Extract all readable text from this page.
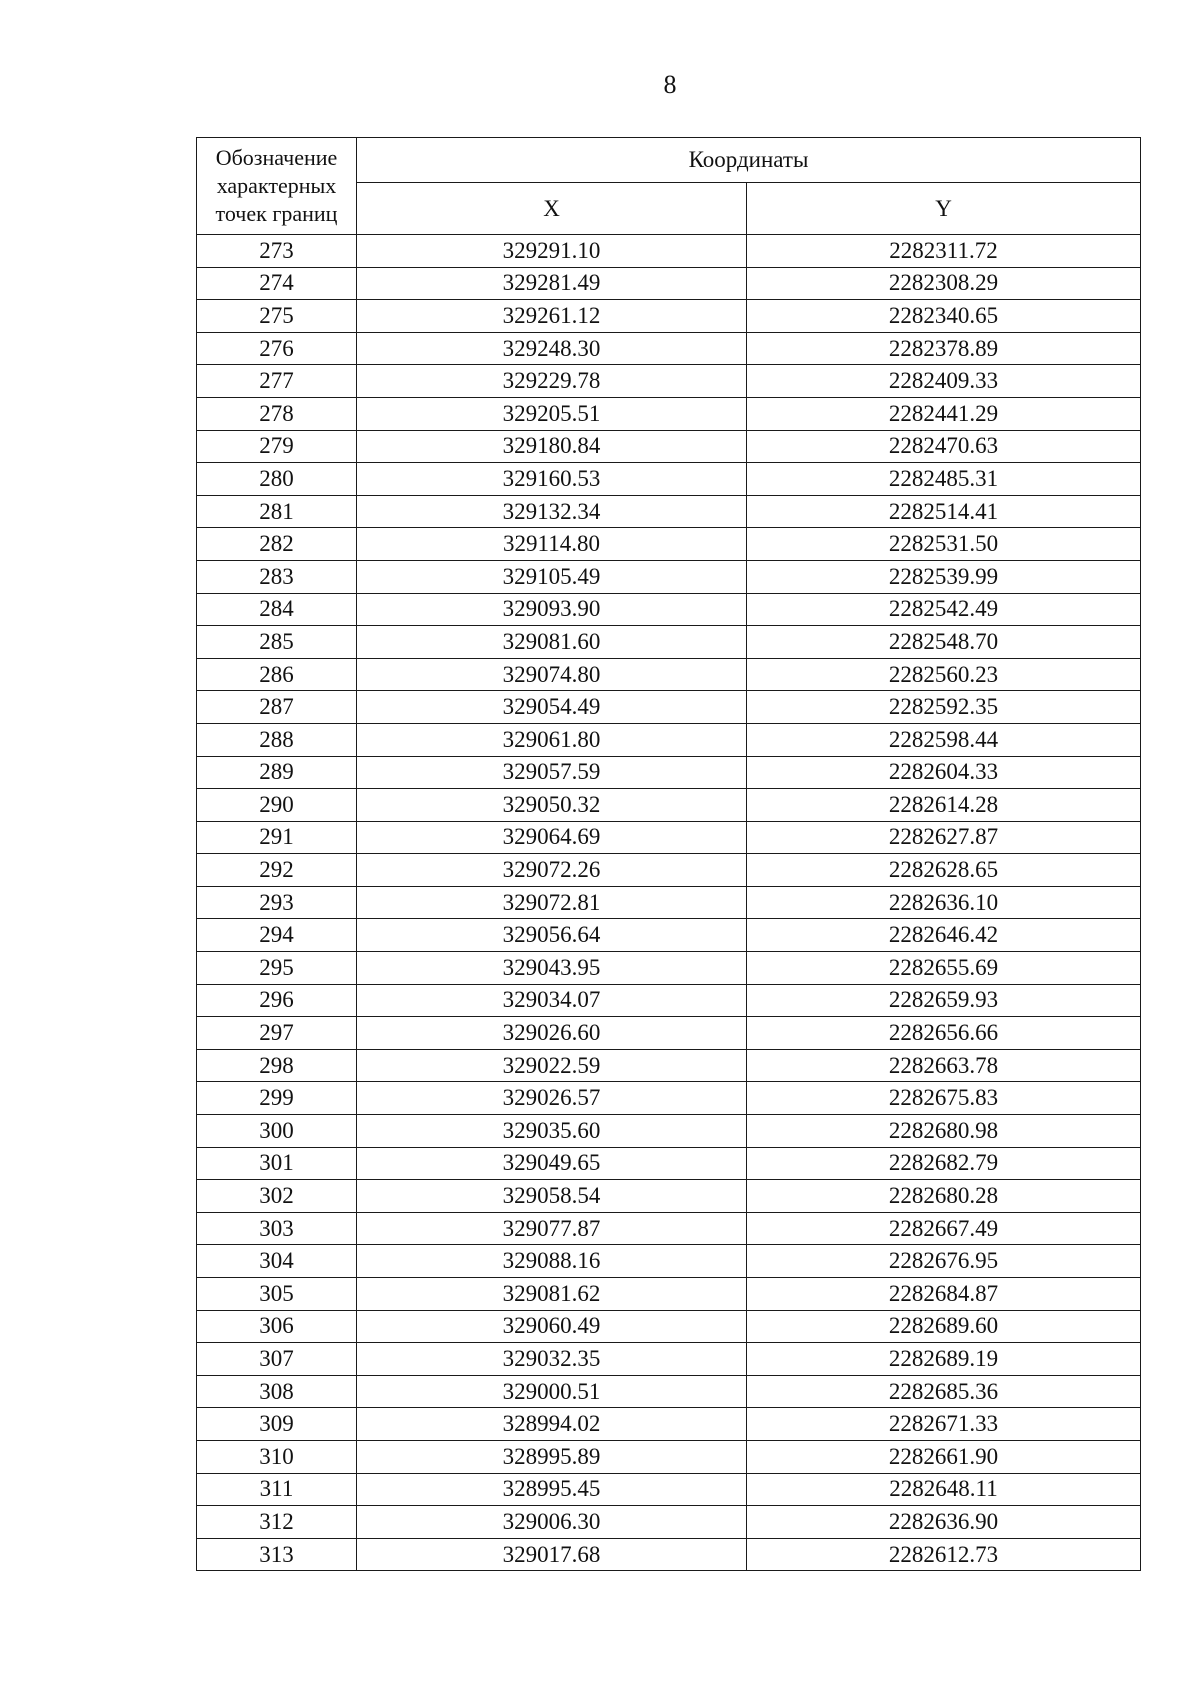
8
Обозначение характерных точек границ	Координаты	
	X	Y
273	329291.10	2282311.72
274	329281.49	2282308.29
275	329261.12	2282340.65
276	329248.30	2282378.89
277	329229.78	2282409.33
278	329205.51	2282441.29
279	329180.84	2282470.63
280	329160.53	2282485.31
281	329132.34	2282514.41
282	329114.80	2282531.50
283	329105.49	2282539.99
284	329093.90	2282542.49
285	329081.60	2282548.70
286	329074.80	2282560.23
287	329054.49	2282592.35
288	329061.80	2282598.44
289	329057.59	2282604.33
290	329050.32	2282614.28
291	329064.69	2282627.87
292	329072.26	2282628.65
293	329072.81	2282636.10
294	329056.64	2282646.42
295	329043.95	2282655.69
296	329034.07	2282659.93
297	329026.60	2282656.66
298	329022.59	2282663.78
299	329026.57	2282675.83
300	329035.60	2282680.98
301	329049.65	2282682.79
302	329058.54	2282680.28
303	329077.87	2282667.49
304	329088.16	2282676.95
305	329081.62	2282684.87
306	329060.49	2282689.60
307	329032.35	2282689.19
308	329000.51	2282685.36
309	328994.02	2282671.33
310	328995.89	2282661.90
311	328995.45	2282648.11
312	329006.30	2282636.90
313	329017.68	2282612.73
